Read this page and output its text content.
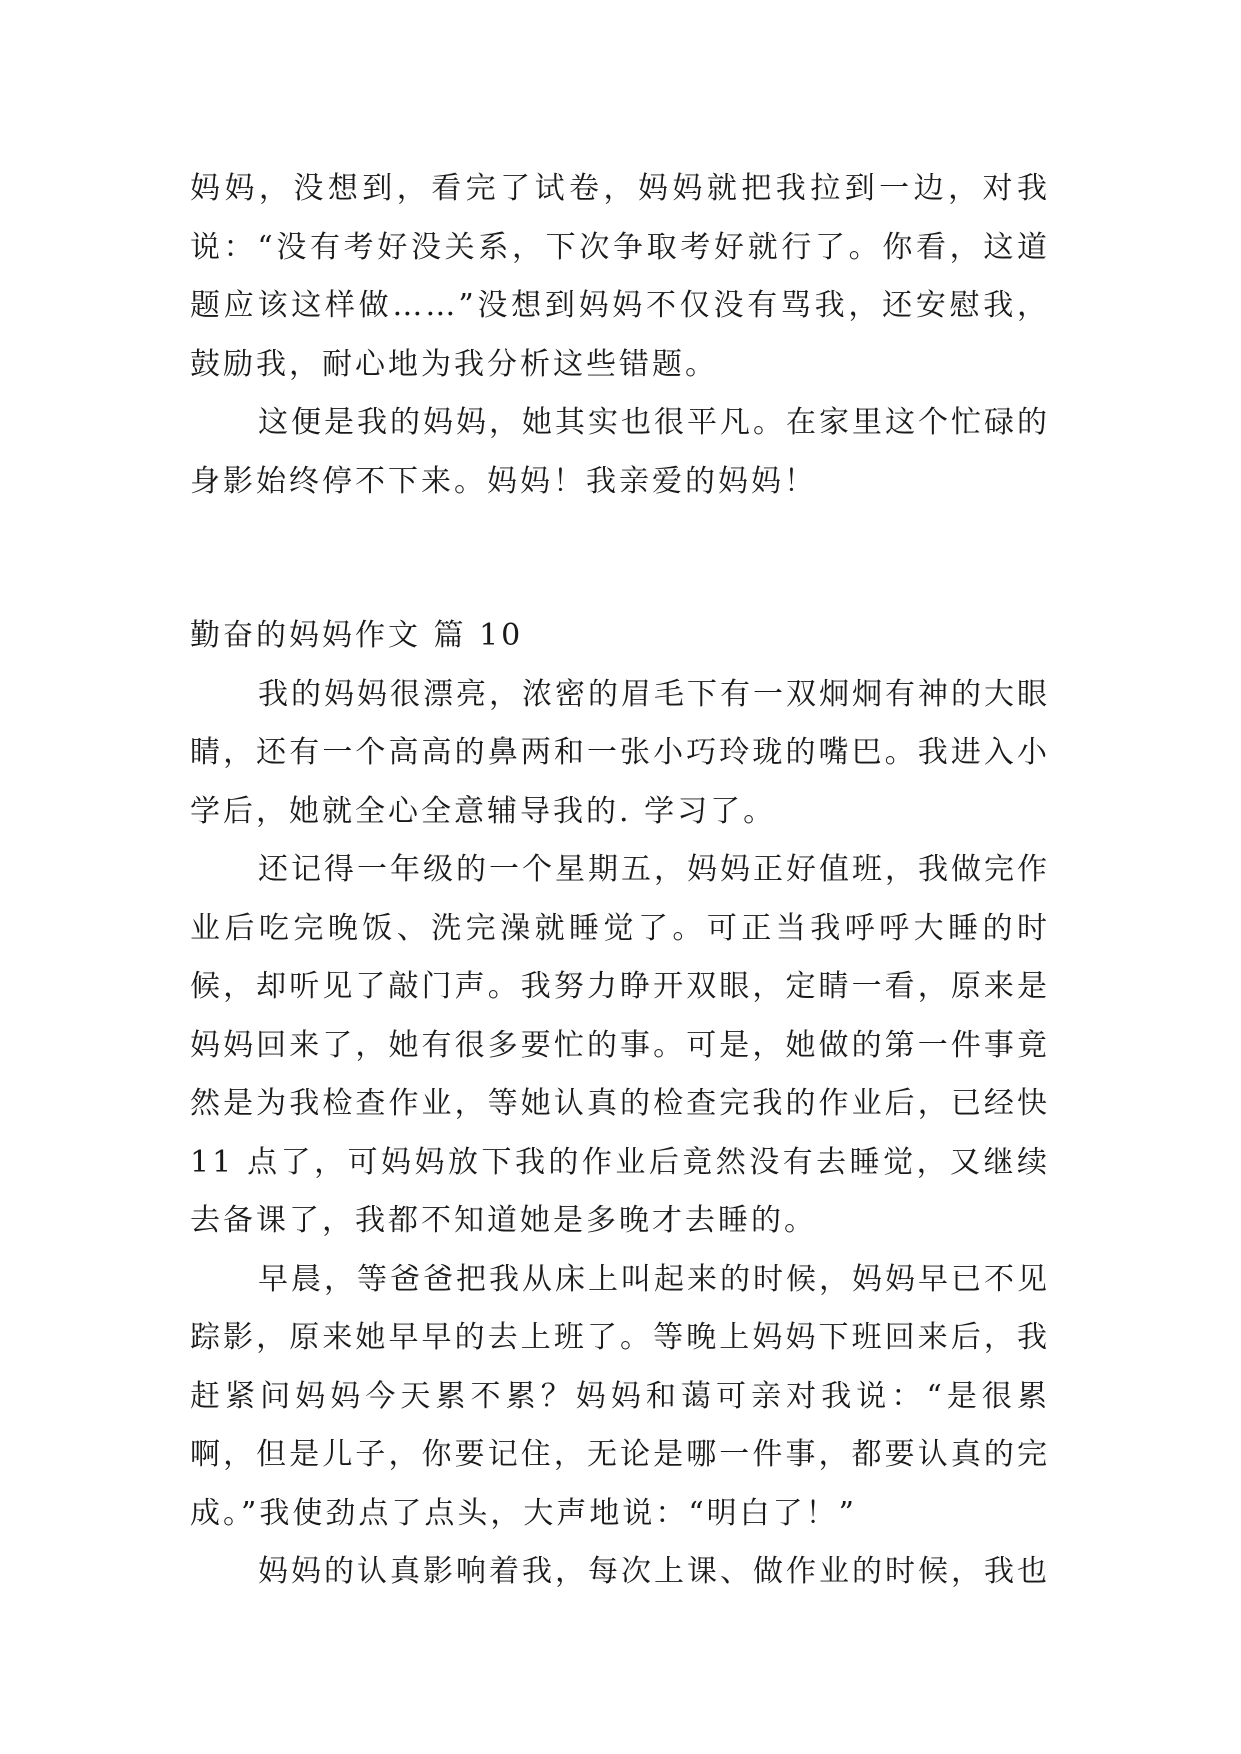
妈妈，没想到，看完了试卷，妈妈就把我拉到一边，对我说：“没有考好没关系，下次争取考好就行了。你看，这道题应该这样做……”没想到妈妈不仅没有骂我，还安慰我，鼓励我，耐心地为我分析这些错题。

这便是我的妈妈，她其实也很平凡。在家里这个忙碌的身影始终停不下来。妈妈！我亲爱的妈妈！

勤奋的妈妈作文 篇 10

我的妈妈很漂亮，浓密的眉毛下有一双炯炯有神的大眼睛，还有一个高高的鼻两和一张小巧玲珑的嘴巴。我进入小学后，她就全心全意辅导我的. 学习了。

还记得一年级的一个星期五，妈妈正好值班，我做完作业后吃完晚饭、洗完澡就睡觉了。可正当我呼呼大睡的时候，却听见了敲门声。我努力睁开双眼，定睛一看，原来是妈妈回来了，她有很多要忙的事。可是，她做的第一件事竟然是为我检查作业，等她认真的检查完我的作业后，已经快 11 点了，可妈妈放下我的作业后竟然没有去睡觉，又继续去备课了，我都不知道她是多晚才去睡的。

早晨，等爸爸把我从床上叫起来的时候，妈妈早已不见踪影，原来她早早的去上班了。等晚上妈妈下班回来后，我赶紧问妈妈今天累不累？妈妈和蔼可亲对我说：“是很累啊，但是儿子，你要记住，无论是哪一件事，都要认真的完成。”我使劲点了点头，大声地说：“明白了！”

妈妈的认真影响着我，每次上课、做作业的时候，我也
